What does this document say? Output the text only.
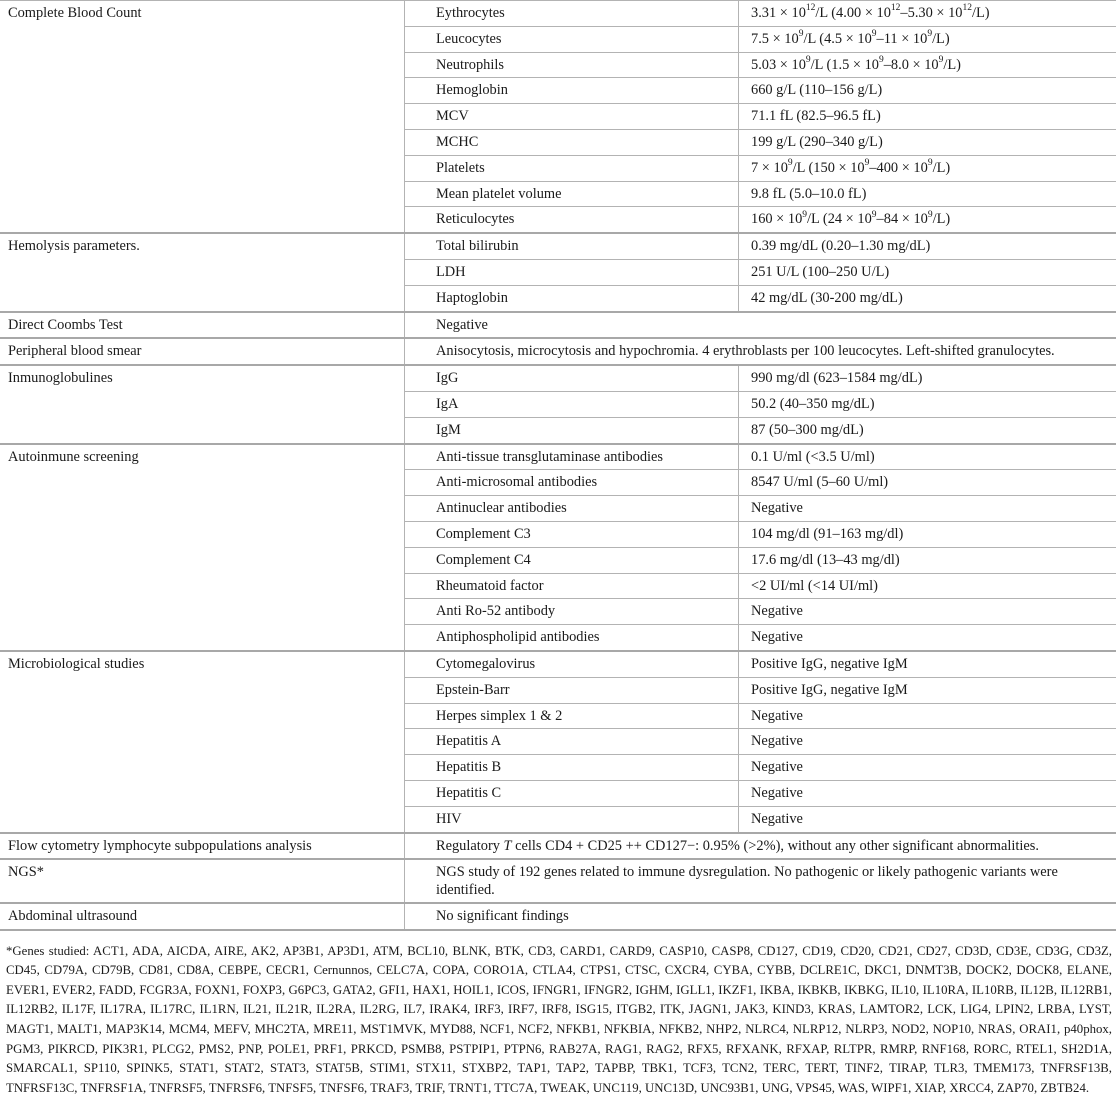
Complete Blood Count	Eythrocytes	$3.31 \times 10^{12}/L$ $(4.00 \times 10^{12}-5.30 \times 10^{12}/L)$
	Leucocytes	$7.5 \times 10^9/L$ $(4.5 \times 10^9-11 \times 10^9/L)$
	Neutrophils	$5.03 \times 10^9/L$ $(1.5 \times 10^9-8.0 \times 10^9/L)$
	Hemoglobin	660 g/L (110–156 g/L)
	MCV	71.1 fL (82.5–96.5 fL)
	MCHC	199 g/L (290–340 g/L)
	Platelets	$7 \times 10^9/L$ $(150 \times 10^9-400 \times 10^9/L)$
	Mean platelet volume	9.8 fL (5.0–10.0 fL)
	Reticulocytes	$160 \times 10^9/L$ $(24 \times 10^9-84 \times 10^9/L)$
Hemolysis parameters.	Total bilirubin	0.39 mg/dL (0.20–1.30 mg/dL)
	LDH	251 U/L (100–250 U/L)
	Haptoglobin	42 mg/dL (30-200 mg/dL)
Direct Coombs Test	Negative	
Peripheral blood smear	Anisocytosis, microcytosis and hypochromia. 4 erythroblasts per 100 leucocytes. Left-shifted granulocytes.	
Inmunoglobulines	IgG	990 mg/dl (623–1584 mg/dL)
	IgA	50.2 (40–350 mg/dL)
	IgM	87 (50–300 mg/dL)
Autoinmune screening	Anti-tissue transglutaminase antibodies	0.1 U/ml (<3.5 U/ml)
	Anti-microsomal antibodies	8547 U/ml (5–60 U/ml)
	Antinuclear antibodies	Negative
	Complement C3	104 mg/dl (91–163 mg/dl)
	Complement C4	17.6 mg/dl (13–43 mg/dl)
	Rheumatoid factor	<2 UI/ml (<14 UI/ml)
	Anti Ro-52 antibody	Negative
	Antiphospholipid antibodies	Negative
Microbiological studies	Cytomegalovirus	Positive IgG, negative IgM
	Epstein-Barr	Positive IgG, negative IgM
	Herpes simplex 1 & 2	Negative
	Hepatitis A	Negative
	Hepatitis B	Negative
	Hepatitis C	Negative
	HIV	Negative
Flow cytometry lymphocyte subpopulations analysis	Regulatory T cells CD4 + CD25 ++ CD127−: 0.95% (>2%), without any other significant abnormalities.	
NGS*	NGS study of 192 genes related to immune dysregulation. No pathogenic or likely pathogenic variants were identified.	
Abdominal ultrasound	No significant findings	
*Genes studied: ACT1, ADA, AICDA, AIRE, AK2, AP3B1, AP3D1, ATM, BCL10, BLNK, BTK, CD3, CARD1, CARD9, CASP10, CASP8, CD127, CD19, CD20, CD21, CD27, CD3D, CD3E, CD3G, CD3Z, CD45, CD79A, CD79B, CD81, CD8A, CEBPE, CECR1, Cernunnos, CELC7A, COPA, CORO1A, CTLA4, CTPS1, CTSC, CXCR4, CYBA, CYBB, DCLRE1C, DKC1, DNMT3B, DOCK2, DOCK8, ELANE, EVER1, EVER2, FADD, FCGR3A, FOXN1, FOXP3, G6PC3, GATA2, GFI1, HAX1, HOIL1, ICOS, IFNGR1, IFNGR2, IGHM, IGLL1, IKZF1, IKBA, IKBKB, IKBKG, IL10, IL10RA, IL10RB, IL12B, IL12RB1, IL12RB2, IL17F, IL17RA, IL17RC, IL1RN, IL21, IL21R, IL2RA, IL2RG, IL7, IRAK4, IRF3, IRF7, IRF8, ISG15, ITGB2, ITK, JAGN1, JAK3, KIND3, KRAS, LAMTOR2, LCK, LIG4, LPIN2, LRBA, LYST, MAGT1, MALT1, MAP3K14, MCM4, MEFV, MHC2TA, MRE11, MST1MVK, MYD88, NCF1, NCF2, NFKB1, NFKBIA, NFKB2, NHP2, NLRC4, NLRP12, NLRP3, NOD2, NOP10, NRAS, ORAI1, p40phox, PGM3, PIKRCD, PIK3R1, PLCG2, PMS2, PNP, POLE1, PRF1, PRKCD, PSMB8, PSTPIP1, PTPN6, RAB27A, RAG1, RAG2, RFX5, RFXANK, RFXAP, RLTPR, RMRP, RNF168, RORC, RTEL1, SH2D1A, SMARCAL1, SP110, SPINK5, STAT1, STAT2, STAT3, STAT5B, STIM1, STX11, STXBP2, TAP1, TAP2, TAPBP, TBK1, TCF3, TCN2, TERC, TERT, TINF2, TIRAP, TLR3, TMEM173, TNFRSF13B, TNFRSF13C, TNFRSF1A, TNFRSF5, TNFRSF6, TNFSF5, TNFSF6, TRAF3, TRIF, TRNT1, TTC7A, TWEAK, UNC119, UNC13D, UNC93B1, UNG, VPS45, WAS, WIPF1, XIAP, XRCC4, ZAP70, ZBTB24.
